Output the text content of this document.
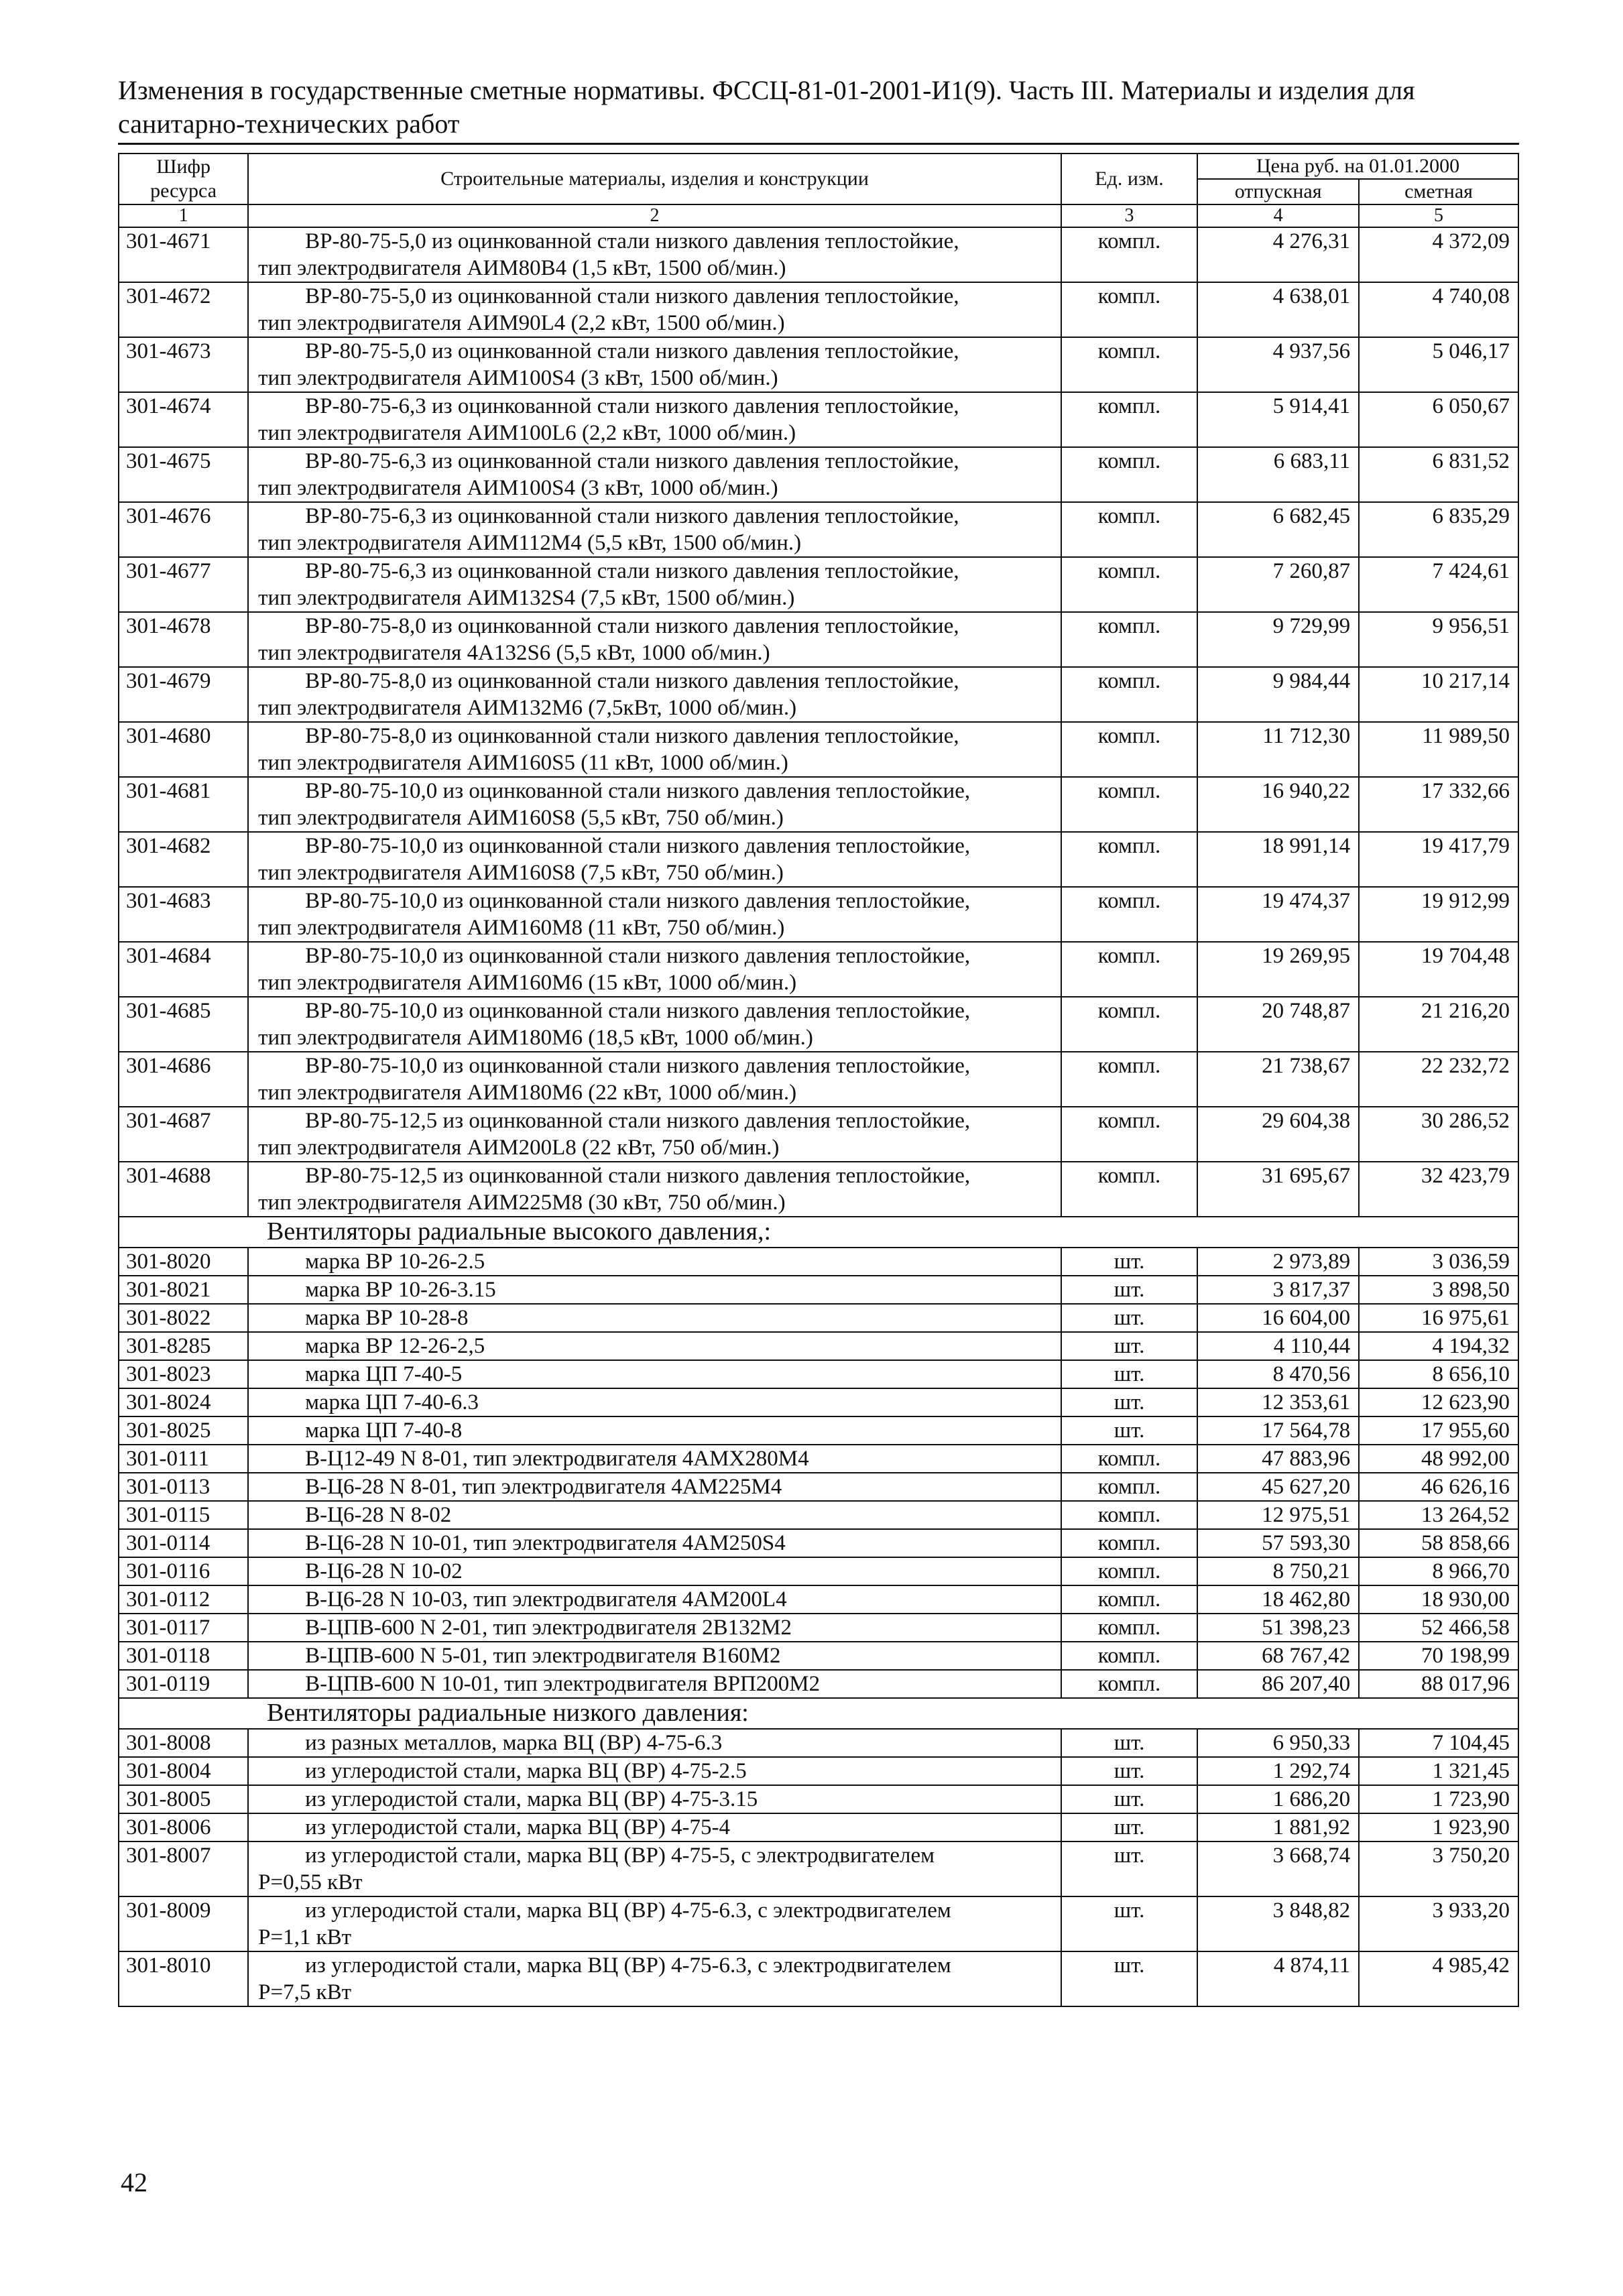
Изменения в государственные сметные нормативы. ФССЦ-81-01-2001-И1(9). Часть III. Материалы и изделия для санитарно-технических работ
Шифр ресурса	Строительные материалы, изделия и конструкции	Ед. изм.	Цена руб. на 01.01.2000	
			отпускная	сметная
1	2	3	4	5
301-4671	ВР-80-75-5,0 из оцинкованной стали низкого давления теплостойкие,
тип электродвигателя АИМ80В4 (1,5 кВт, 1500 об/мин.)	компл.	4 276,31	4 372,09
301-4672	ВР-80-75-5,0 из оцинкованной стали низкого давления теплостойкие,
тип электродвигателя АИМ90L4 (2,2 кВт, 1500 об/мин.)	компл.	4 638,01	4 740,08
301-4673	ВР-80-75-5,0 из оцинкованной стали низкого давления теплостойкие,
тип электродвигателя АИМ100S4 (3 кВт, 1500 об/мин.)	компл.	4 937,56	5 046,17
301-4674	ВР-80-75-6,3 из оцинкованной стали низкого давления теплостойкие,
тип электродвигателя АИМ100L6 (2,2 кВт, 1000 об/мин.)	компл.	5 914,41	6 050,67
301-4675	ВР-80-75-6,3 из оцинкованной стали низкого давления теплостойкие,
тип электродвигателя АИМ100S4 (3 кВт, 1000 об/мин.)	компл.	6 683,11	6 831,52
301-4676	ВР-80-75-6,3 из оцинкованной стали низкого давления теплостойкие,
тип электродвигателя АИМ112М4 (5,5 кВт, 1500 об/мин.)	компл.	6 682,45	6 835,29
301-4677	ВР-80-75-6,3 из оцинкованной стали низкого давления теплостойкие,
тип электродвигателя АИМ132S4 (7,5 кВт, 1500 об/мин.)	компл.	7 260,87	7 424,61
301-4678	ВР-80-75-8,0 из оцинкованной стали низкого давления теплостойкие,
тип электродвигателя 4А132S6 (5,5 кВт, 1000 об/мин.)	компл.	9 729,99	9 956,51
301-4679	ВР-80-75-8,0 из оцинкованной стали низкого давления теплостойкие,
тип электродвигателя АИМ132М6 (7,5кВт, 1000 об/мин.)	компл.	9 984,44	10 217,14
301-4680	ВР-80-75-8,0 из оцинкованной стали низкого давления теплостойкие,
тип электродвигателя АИМ160S5 (11 кВт, 1000 об/мин.)	компл.	11 712,30	11 989,50
301-4681	ВР-80-75-10,0 из оцинкованной стали низкого давления теплостойкие,
тип электродвигателя АИМ160S8 (5,5 кВт, 750 об/мин.)	компл.	16 940,22	17 332,66
301-4682	ВР-80-75-10,0 из оцинкованной стали низкого давления теплостойкие,
тип электродвигателя АИМ160S8 (7,5 кВт, 750 об/мин.)	компл.	18 991,14	19 417,79
301-4683	ВР-80-75-10,0 из оцинкованной стали низкого давления теплостойкие,
тип электродвигателя АИМ160М8 (11 кВт, 750 об/мин.)	компл.	19 474,37	19 912,99
301-4684	ВР-80-75-10,0 из оцинкованной стали низкого давления теплостойкие,
тип электродвигателя АИМ160М6 (15 кВт, 1000 об/мин.)	компл.	19 269,95	19 704,48
301-4685	ВР-80-75-10,0 из оцинкованной стали низкого давления теплостойкие,
тип электродвигателя АИМ180М6 (18,5 кВт, 1000 об/мин.)	компл.	20 748,87	21 216,20
301-4686	ВР-80-75-10,0 из оцинкованной стали низкого давления теплостойкие,
тип электродвигателя АИМ180М6 (22 кВт, 1000 об/мин.)	компл.	21 738,67	22 232,72
301-4687	ВР-80-75-12,5 из оцинкованной стали низкого давления теплостойкие,
тип электродвигателя АИМ200L8 (22 кВт, 750 об/мин.)	компл.	29 604,38	30 286,52
301-4688	ВР-80-75-12,5 из оцинкованной стали низкого давления теплостойкие,
тип электродвигателя АИМ225М8 (30 кВт, 750 об/мин.)	компл.	31 695,67	32 423,79
Вентиляторы радиальные высокого давления,:				
301-8020	марка ВР 10-26-2.5	шт.	2 973,89	3 036,59
301-8021	марка ВР 10-26-3.15	шт.	3 817,37	3 898,50
301-8022	марка ВР 10-28-8	шт.	16 604,00	16 975,61
301-8285	марка ВР 12-26-2,5	шт.	4 110,44	4 194,32
301-8023	марка ЦП 7-40-5	шт.	8 470,56	8 656,10
301-8024	марка ЦП 7-40-6.3	шт.	12 353,61	12 623,90
301-8025	марка ЦП 7-40-8	шт.	17 564,78	17 955,60
301-0111	В-Ц12-49 N 8-01, тип электродвигателя 4АМХ280М4	компл.	47 883,96	48 992,00
301-0113	В-Ц6-28 N 8-01, тип электродвигателя 4АМ225М4	компл.	45 627,20	46 626,16
301-0115	В-Ц6-28 N 8-02	компл.	12 975,51	13 264,52
301-0114	В-Ц6-28 N 10-01, тип электродвигателя 4АМ250S4	компл.	57 593,30	58 858,66
301-0116	В-Ц6-28 N 10-02	компл.	8 750,21	8 966,70
301-0112	В-Ц6-28 N 10-03, тип электродвигателя 4АМ200L4	компл.	18 462,80	18 930,00
301-0117	В-ЦПВ-600 N 2-01, тип электродвигателя 2В132М2	компл.	51 398,23	52 466,58
301-0118	В-ЦПВ-600 N 5-01, тип электродвигателя В160М2	компл.	68 767,42	70 198,99
301-0119	В-ЦПВ-600 N 10-01, тип электродвигателя ВРП200М2	компл.	86 207,40	88 017,96
Вентиляторы радиальные низкого давления:				
301-8008	из разных металлов, марка ВЦ (ВР) 4-75-6.3	шт.	6 950,33	7 104,45
301-8004	из углеродистой стали, марка ВЦ (ВР) 4-75-2.5	шт.	1 292,74	1 321,45
301-8005	из углеродистой стали, марка ВЦ (ВР) 4-75-3.15	шт.	1 686,20	1 723,90
301-8006	из углеродистой стали, марка ВЦ (ВР) 4-75-4	шт.	1 881,92	1 923,90
301-8007	из углеродистой стали, марка ВЦ (ВР) 4-75-5, с электродвигателем
Р=0,55 кВт	шт.	3 668,74	3 750,20
301-8009	из углеродистой стали, марка ВЦ (ВР) 4-75-6.3, с электродвигателем
Р=1,1 кВт	шт.	3 848,82	3 933,20
301-8010	из углеродистой стали, марка ВЦ (ВР) 4-75-6.3, с электродвигателем
Р=7,5 кВт	шт.	4 874,11	4 985,42
42
